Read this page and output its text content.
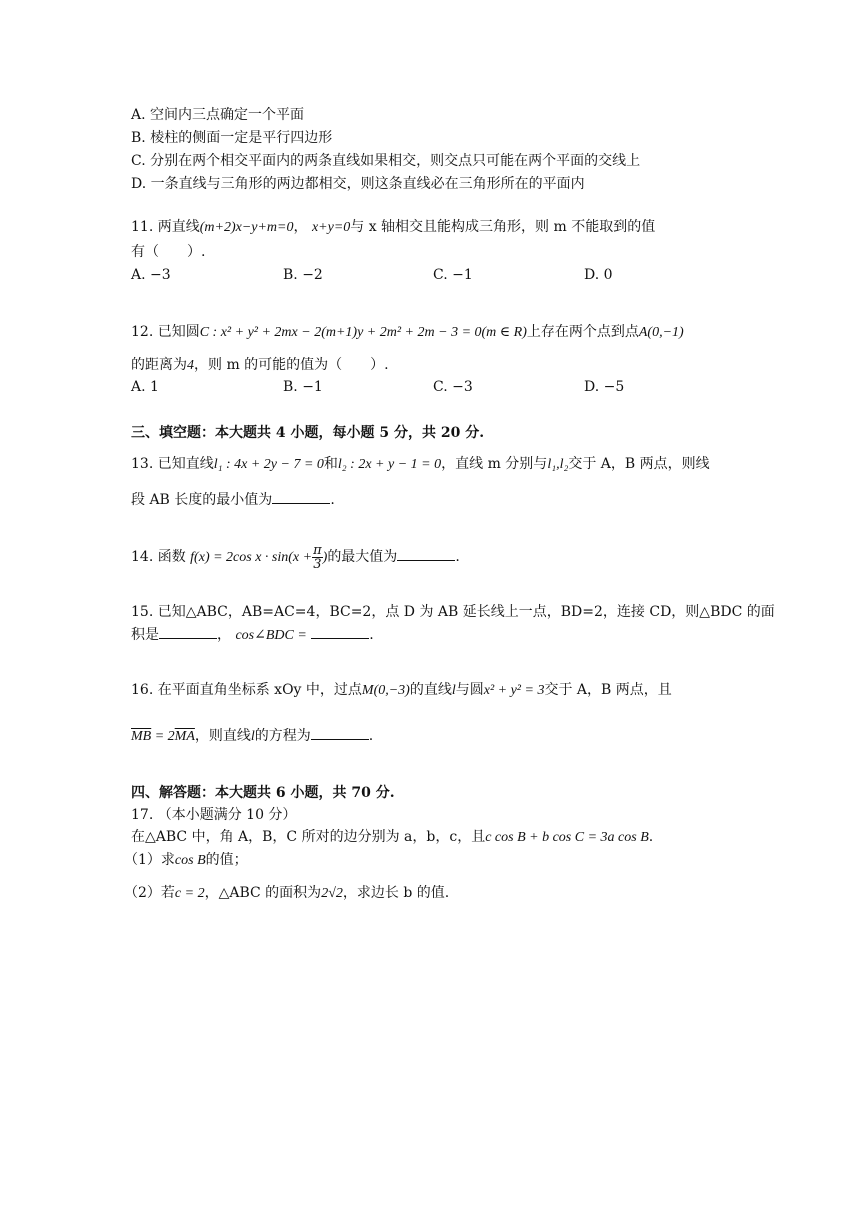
A. 空间内三点确定一个平面
B. 棱柱的侧面一定是平行四边形
C. 分别在两个相交平面内的两条直线如果相交，则交点只可能在两个平面的交线上
D. 一条直线与三角形的两边都相交，则这条直线必在三角形所在的平面内
11. 两直线(m+2)x−y+m=0， x+y=0与 x 轴相交且能构成三角形，则 m 不能取到的值
有（　　）.
A. −3	B. −2	C. −1	D. 0
12. 已知圆C : x² + y² + 2mx − 2(m+1)y + 2m² + 2m − 3 = 0(m ∈ R)上存在两个点到点A(0,−1)
的距离为4，则 m 的可能的值为（　　）.
A. 1	B. −1	C. −3	D. −5
三、填空题：本大题共 4 小题，每小题 5 分，共 20 分.
13. 已知直线l₁ : 4x + 2y − 7 = 0和l₂ : 2x + y − 1 = 0，直线 m 分别与l₁,l₂交于 A，B 两点，则线
段 AB 长度的最小值为	.
14. 函数 f(x) = 2cos $x \cdot \sin(x + \frac{\pi}{3}$ )的最大值为	.
15. 已知△ABC，AB=AC=4，BC=2，点 D 为 AB 延长线上一点，BD=2，连接 CD，则△BDC 的面
积是	， cos∠BDC =	.
16. 在平面直角坐标系 xOy 中，过点M(0,−3)的直线l与圆x² + y² = 3交于 A，B 两点，且
$\overline{MB} = 2\overline{MA}$，则直线l的方程为	.
四、解答题：本大题共 6 小题，共 70 分.
17. （本小题满分 10 分）
在△ABC 中，角 A，B，C 所对的边分别为 a，b，c，且c cos B + b cos C = 3a cos B.
（1）求cos B的值；
（2）若c = 2，△ABC 的面积为2√2，求边长 b 的值.
